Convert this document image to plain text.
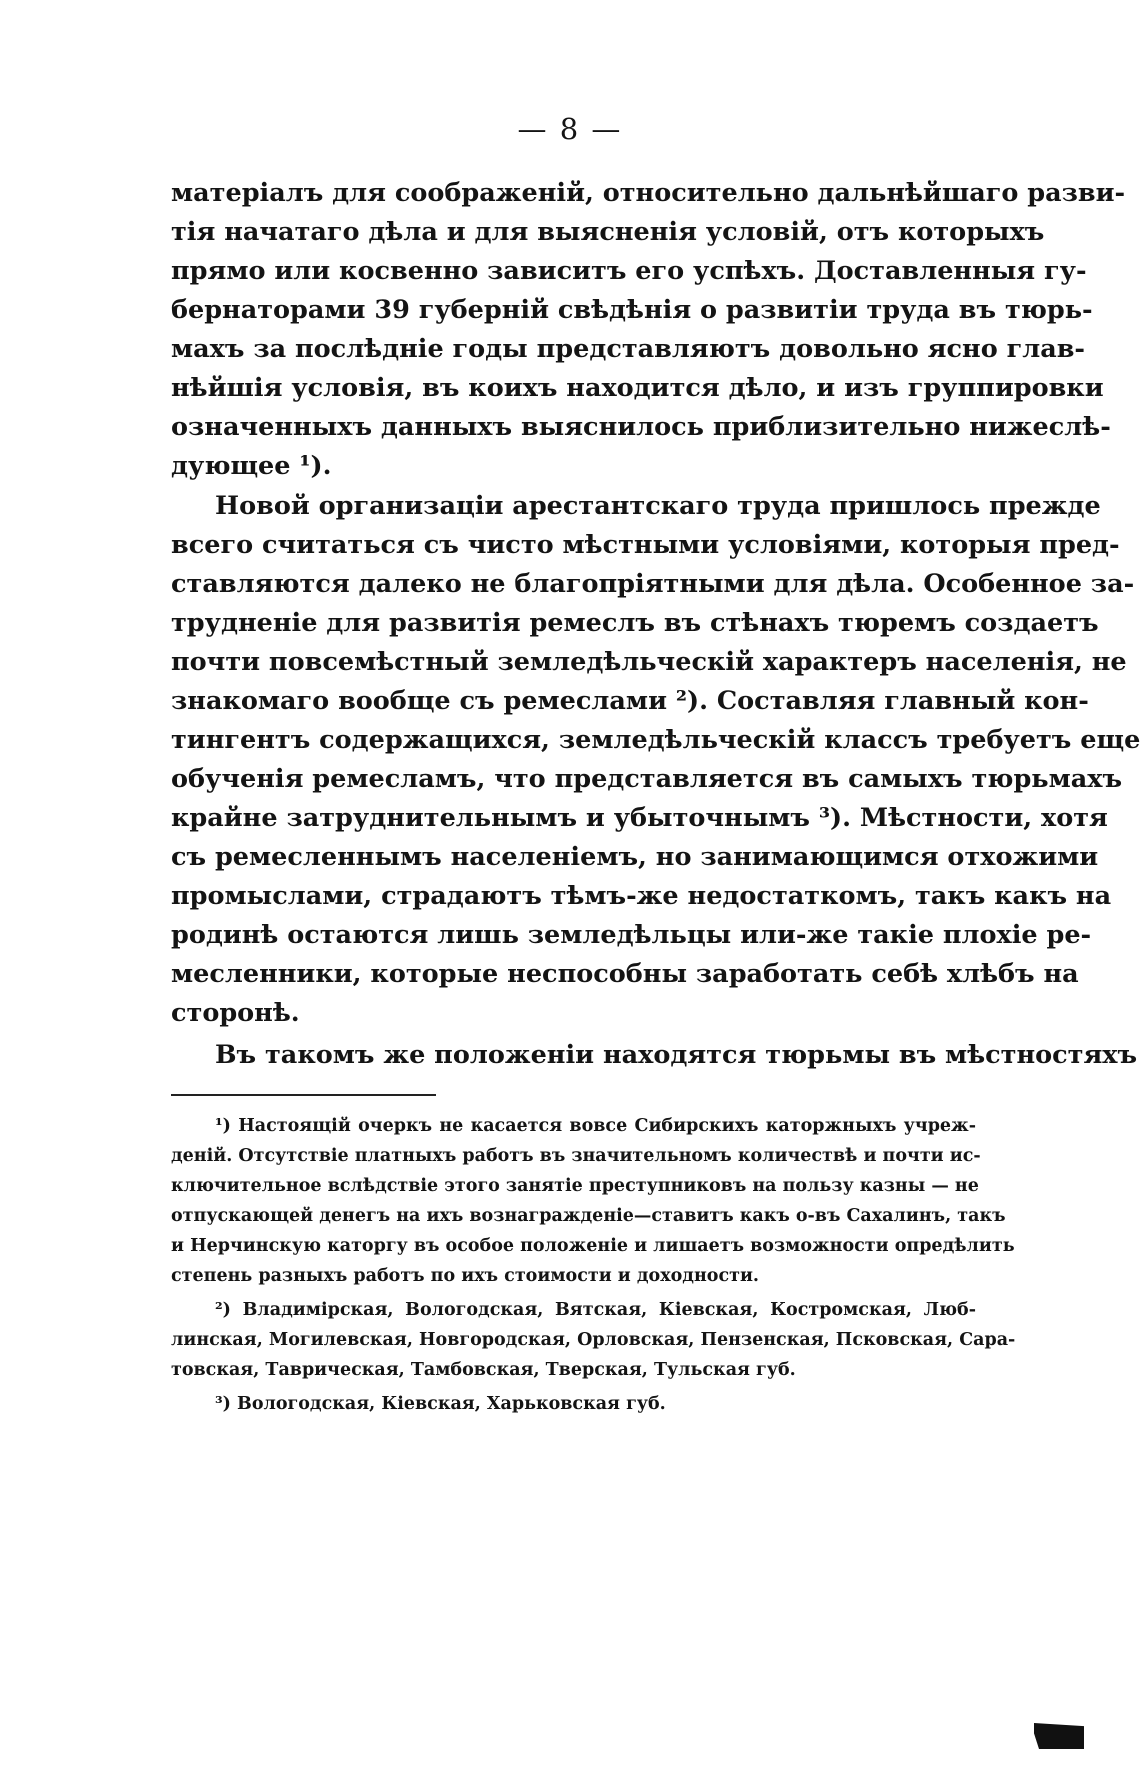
— 8 —
матеріалъ для соображеній, относительно дальнѣйшаго разви-
тія начатаго дѣла и для выясненія условій, отъ которыхъ
прямо или косвенно зависитъ его успѣхъ. Доставленныя гу-
бернаторами 39 губерній свѣдѣнія о развитіи труда въ тюрь-
махъ за послѣдніе годы представляютъ довольно ясно глав-
нѣйшія условія, въ коихъ находится дѣло, и изъ группировки
означенныхъ данныхъ выяснилось приблизительно нижеслѣ-
дующее ¹).
Новой организаціи арестантскаго труда пришлось прежде
всего считаться съ чисто мѣстными условіями, которыя пред-
ставляются далеко не благопріятными для дѣла. Особенное за-
трудненіе для развитія ремеслъ въ стѣнахъ тюремъ создаетъ
почти повсемѣстный земледѣльческій характеръ населенія, не
знакомаго вообще съ ремеслами ²). Составляя главный кон-
тингентъ содержащихся, земледѣльческій классъ требуетъ еще
обученія ремесламъ, что представляется въ самыхъ тюрьмахъ
крайне затруднительнымъ и убыточнымъ ³). Мѣстности, хотя
съ ремесленнымъ населеніемъ, но занимающимся отхожими
промыслами, страдаютъ тѣмъ-же недостаткомъ, такъ какъ на
родинѣ остаются лишь земледѣльцы или-же такіе плохіе ре-
месленники, которые неспособны заработать себѣ хлѣбъ на
сторонѣ.
Въ такомъ же положеніи находятся тюрьмы въ мѣстностяхъ
¹) Настоящій очеркъ не касается вовсе Сибирскихъ каторжныхъ учреж-
деній. Отсутствіе платныхъ работъ въ значительномъ количествѣ и почти ис-
ключительное вслѣдствіе этого занятіе преступниковъ на пользу казны — не
отпускающей денегъ на ихъ вознагражденіе—ставитъ какъ о-въ Сахалинъ, такъ
и Нерчинскую каторгу въ особое положеніе и лишаетъ возможности опредѣлить
степень разныхъ работъ по ихъ стоимости и доходности.
²) Владимірская, Вологодская, Вятская, Кіевская, Костромская, Люб-
линская, Могилевская, Новгородская, Орловская, Пензенская, Псковская, Сара-
товская, Таврическая, Тамбовская, Тверская, Тульская губ.
³) Вологодская, Кіевская, Харьковская губ.
